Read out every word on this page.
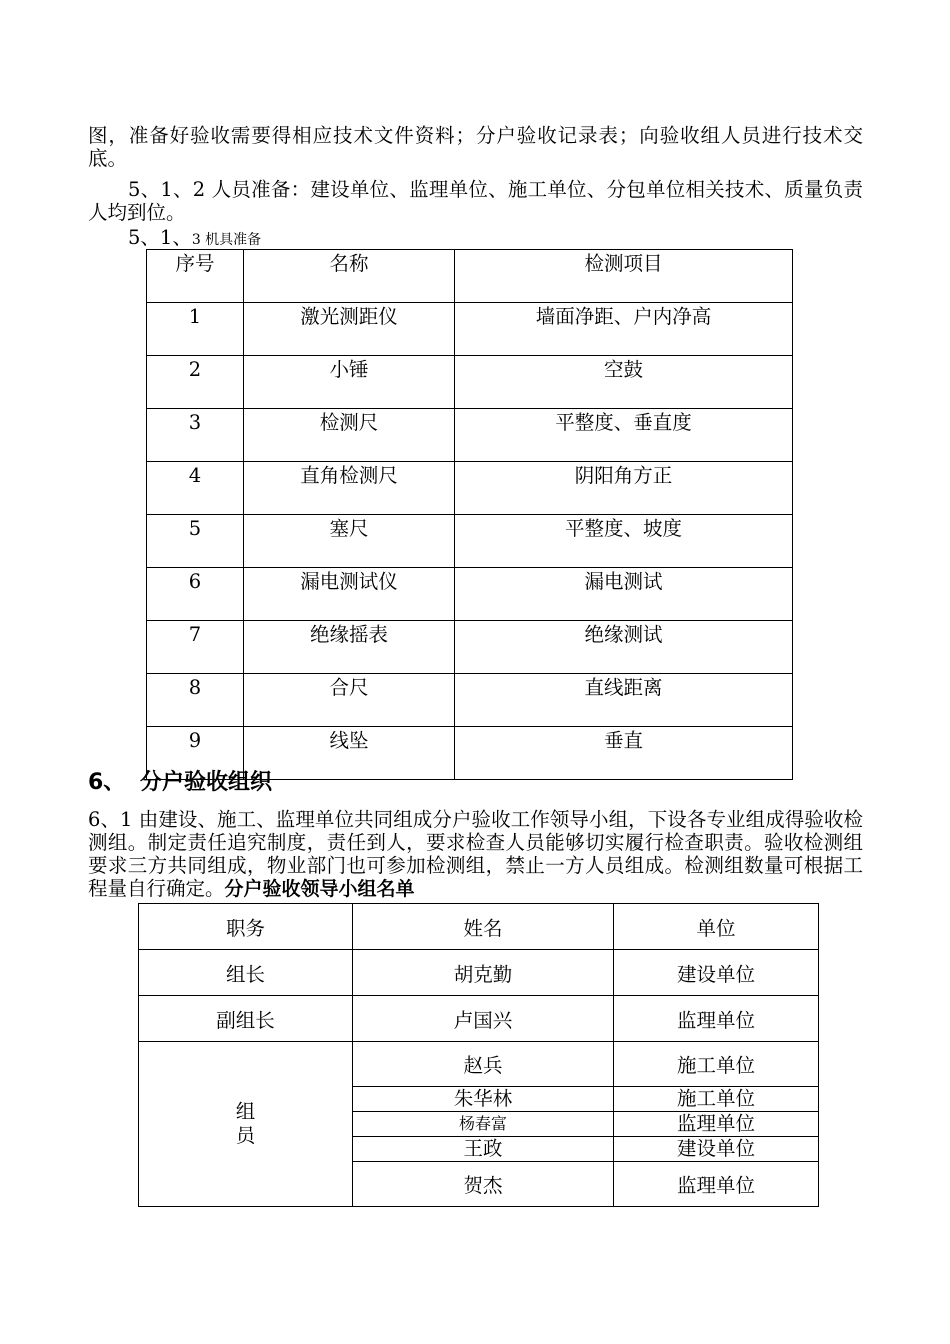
图，准备好验收需要得相应技术文件资料；分户验收记录表；向验收组人员进行技术交底。

5、1、2 人员准备：建设单位、监理单位、施工单位、分包单位相关技术、质量负责人均到位。

5、1、3 机具准备
序号	名称	检测项目
1	激光测距仪	墙面净距、户内净高
2	小锤	空鼓
3	检测尺	平整度、垂直度
4	直角检测尺	阴阳角方正
5	塞尺	平整度、坡度
6	漏电测试仪	漏电测试
7	绝缘摇表	绝缘测试
8	合尺	直线距离
9	线坠	垂直
6、 分户验收组织

6、1 由建设、施工、监理单位共同组成分户验收工作领导小组，下设各专业组成得验收检测组。制定责任追究制度，责任到人，要求检查人员能够切实履行检查职责。验收检测组要求三方共同组成，物业部门也可参加检测组，禁止一方人员组成。检测组数量可根据工程量自行确定。分户验收领导小组名单

职务	姓名	单位
组长	胡克勤	建设单位
副组长	卢国兴	监理单位

组
员	赵兵	施工单位
	朱华林	施工单位
	杨春富	监理单位
	王政	建设单位
	贺杰	监理单位
